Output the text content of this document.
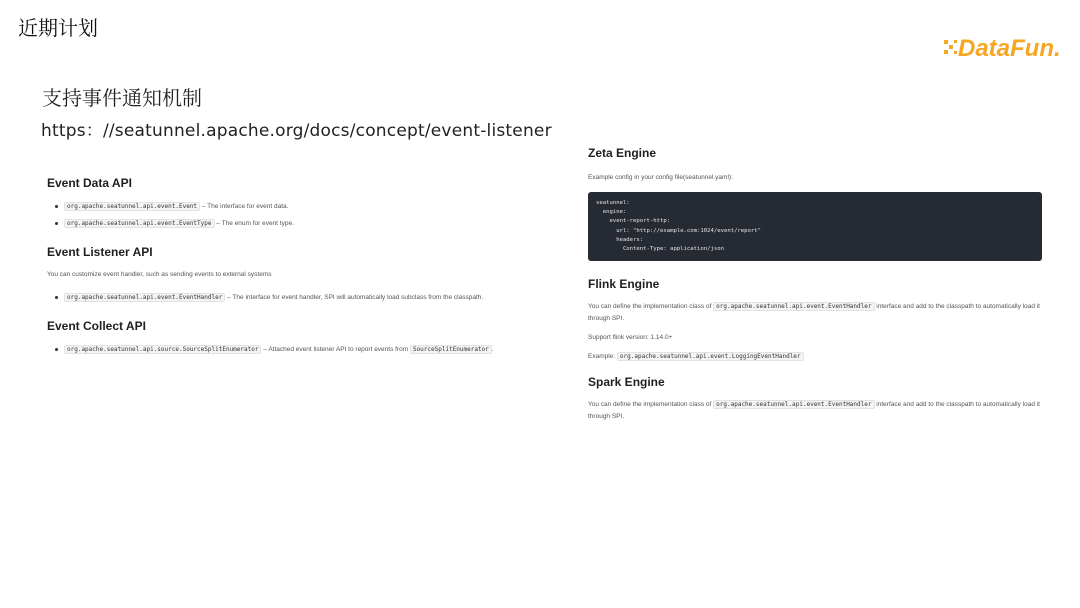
近期计划
DataFun.
支持事件通知机制
https：//seatunnel.apache.org/docs/concept/event-listener
Event Data API
org.apache.seatunnel.api.event.Event – The interface for event data.
org.apache.seatunnel.api.event.EventType – The enum for event type.
Event Listener API

You can customize event handler, such as sending events to external systems

org.apache.seatunnel.api.event.EventHandler – The interface for event handler, SPI will automatically load subclass from the classpath.
Event Collect API
org.apache.seatunnel.api.source.SourceSplitEnumerator – Attached event listener API to report events from SourceSplitEnumerator .
Zeta Engine

Example config in your config file(seatunnel.yaml):

seatunnel:
engine:
event-report-http:
url: "http://example.com:1024/event/report"
headers:
Content-Type: application/json
Flink Engine

You can define the implementation class of org.apache.seatunnel.api.event.EventHandler interface and add to the classpath to automatically load it through SPI.

Support flink version: 1.14.0+

Example: org.apache.seatunnel.api.event.LoggingEventHandler

Spark Engine

You can define the implementation class of org.apache.seatunnel.api.event.EventHandler interface and add to the classpath to automatically load it through SPI.
